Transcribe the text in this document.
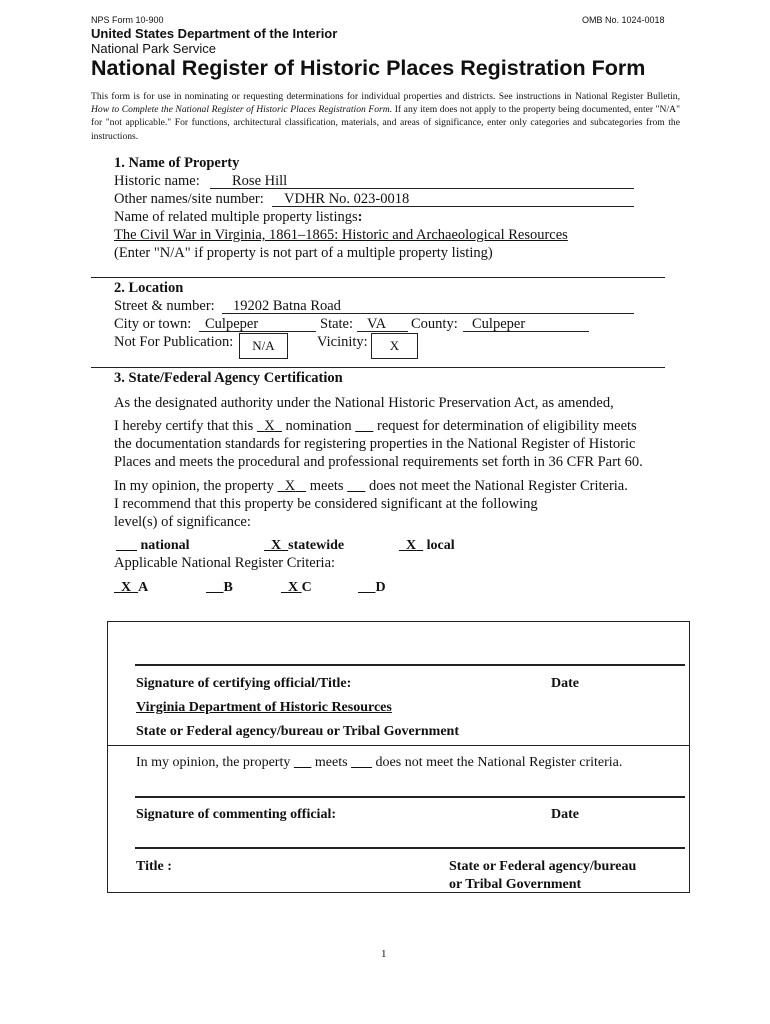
NPS Form 10-900	OMB No. 1024-0018
United States Department of the Interior
National Park Service
National Register of Historic Places Registration Form
This form is for use in nominating or requesting determinations for individual properties and districts. See instructions in National Register Bulletin, How to Complete the National Register of Historic Places Registration Form. If any item does not apply to the property being documented, enter "N/A" for "not applicable." For functions, architectural classification, materials, and areas of significance, enter only categories and subcategories from the instructions.
1. Name of Property
Historic name: Rose Hill
Other names/site number: VDHR No. 023-0018
Name of related multiple property listings:
The Civil War in Virginia, 1861–1865: Historic and Archaeological Resources
(Enter "N/A" if property is not part of a multiple property listing)
2. Location
Street & number: 19202 Batna Road
City or town: Culpeper	State: VA County: Culpeper
Not For Publication:	N/A	Vicinity:	X
3. State/Federal Agency Certification
As the designated authority under the National Historic Preservation Act, as amended,
I hereby certify that this X nomination request for determination of eligibility meets
the documentation standards for registering properties in the National Register of Historic
Places and meets the procedural and professional requirements set forth in 36 CFR Part 60.
In my opinion, the property X meets does not meet the National Register Criteria.
I recommend that this property be considered significant at the following
level(s) of significance:
national	X statewide	X local
Applicable National Register Criteria:
X A	B	X C	D
Signature of certifying official/Title:	Date
Virginia Department of Historic Resources
State or Federal agency/bureau or Tribal Government
In my opinion, the property meets does not meet the National Register criteria.
Signature of commenting official:	Date
Title :	State or Federal agency/bureau
or Tribal Government
1
